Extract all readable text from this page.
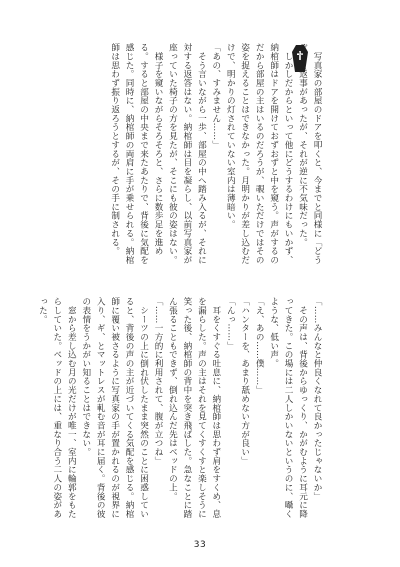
　写真家の部屋のドアを叩くと、今までと同様に「どうぞ」と返事があったが、それが逆に不気味だった。

　しかしだからといって他にどうするわけにもいかず、納棺師はドアを開けておずおずと中を窺う。声がするのだから部屋の主はいるのだろうが、覗いただけではその姿を捉えることはできなかった。月明かりが差し込むだけで、明かりの灯されていない室内は薄暗い。

「あの、すみません……」

　そう言いながら一歩、部屋の中へ踏み入るが、それに対する返答はない。納棺師は目を凝らし、以前写真家が座っていた椅子の方を見たが、そこにも彼の姿はない。

　様子を窺いながらそろそろと、さらに数歩足を進める。すると部屋の中央まで来たあたりで、背後に気配を感じた。同時に、納棺師の両肩に手が乗せられる。納棺師は思わず振り返ろうとするが、その手に制される。

「……みんなと仲良くなれて良かったじゃないか」

　その声は、背後からゆっくり、かがむように耳元に降ってきた。この場には二人しかいないというのに、囁くような、低い声。

「え、あの……僕……」

「ハンターを、あまり舐めない方が良い」

「んっ……」

　耳をくすぐる吐息に、納棺師は思わず肩をすくめ、息を漏らした。声の主はそれを見てくすくすと楽しそうに笑った後、納棺師の背中を突き飛ばした。急なことに踏ん張ることもできず、倒れ込んだ先はベッドの上。

「……一方的に利用されて、腹が立つね」

　シーツの上に倒れ伏したまま突然のことに困惑していると、背後の声の主が近づいてくる気配を感じる。納棺師に覆い被さるように写真家の手が置かれるのが視界に入り、ギ、とマットレスが軋む音が耳に届く。背後の彼の表情をうかがい知ることはできない。

　窓から差し込む月の光だけが唯一、室内に輪郭をもたらしていた。ベッドの上には、重なり合う二人の姿があった。

33
